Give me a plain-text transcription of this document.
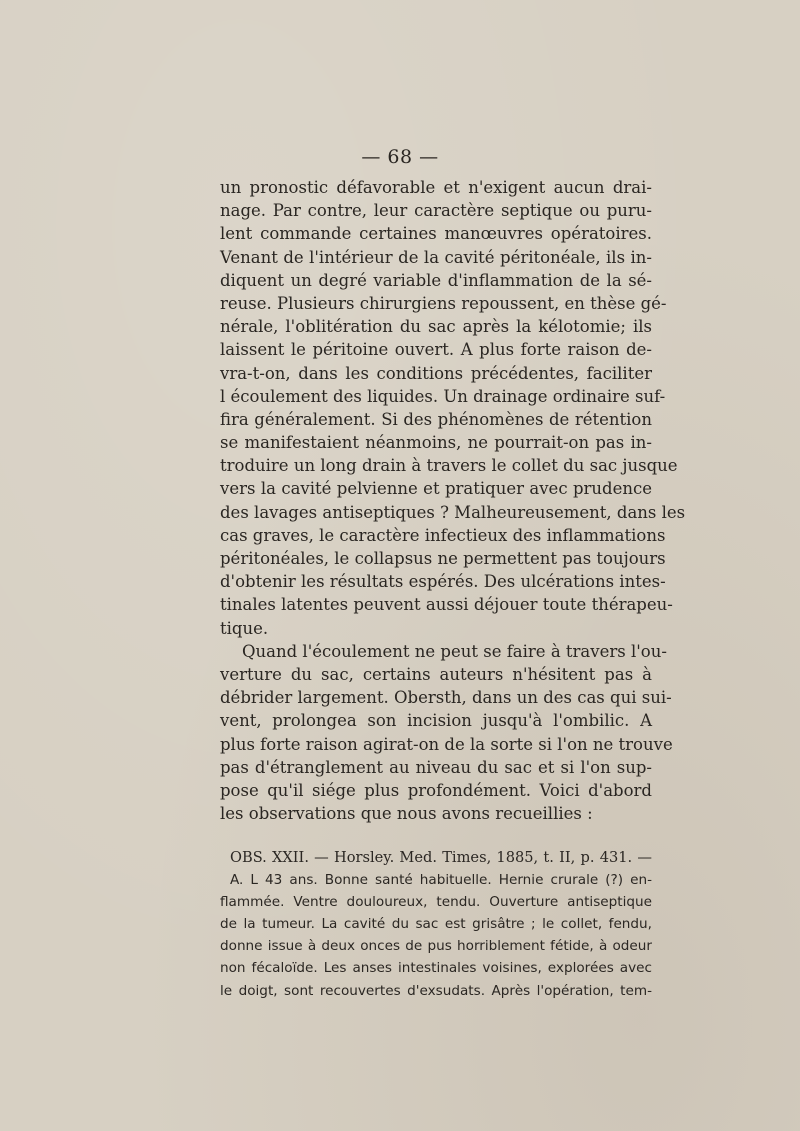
— 68 —
un pronostic défavorable et n'exigent aucun drai-
nage. Par contre, leur caractère septique ou puru-
lent commande certaines manœuvres opératoires.
Venant de l'intérieur de la cavité péritonéale, ils in-
diquent un degré variable d'inflammation de la sé-
reuse. Plusieurs chirurgiens repoussent, en thèse gé-
nérale, l'oblitération du sac après la kélotomie; ils
laissent le péritoine ouvert. A plus forte raison de-
vra-t-on, dans les conditions précédentes, faciliter
l écoulement des liquides. Un drainage ordinaire suf-
fira généralement. Si des phénomènes de rétention
se manifestaient néanmoins, ne pourrait-on pas in-
troduire un long drain à travers le collet du sac jusque
vers la cavité pelvienne et pratiquer avec prudence
des lavages antiseptiques ? Malheureusement, dans les
cas graves, le caractère infectieux des inflammations
péritonéales, le collapsus ne permettent pas toujours
d'obtenir les résultats espérés. Des ulcérations intes-
tinales latentes peuvent aussi déjouer toute thérapeu-
tique.
Quand l'écoulement ne peut se faire à travers l'ou-
verture du sac, certains auteurs n'hésitent pas à
débrider largement. Obersth, dans un des cas qui sui-
vent, prolongea son incision jusqu'à l'ombilic. A
plus forte raison agirat-on de la sorte si l'on ne trouve
pas d'étranglement au niveau du sac et si l'on sup-
pose qu'il siége plus profondément. Voici d'abord
les observations que nous avons recueillies :
OBS. XXII. — Horsley. Med. Times, 1885, t. II, p. 431. —
A. L 43 ans. Bonne santé habituelle. Hernie crurale (?) en-
flammée. Ventre douloureux, tendu. Ouverture antiseptique
de la tumeur. La cavité du sac est grisâtre ; le collet, fendu,
donne issue à deux onces de pus horriblement fétide, à odeur
non fécaloïde. Les anses intestinales voisines, explorées avec
le doigt, sont recouvertes d'exsudats. Après l'opération, tem-
